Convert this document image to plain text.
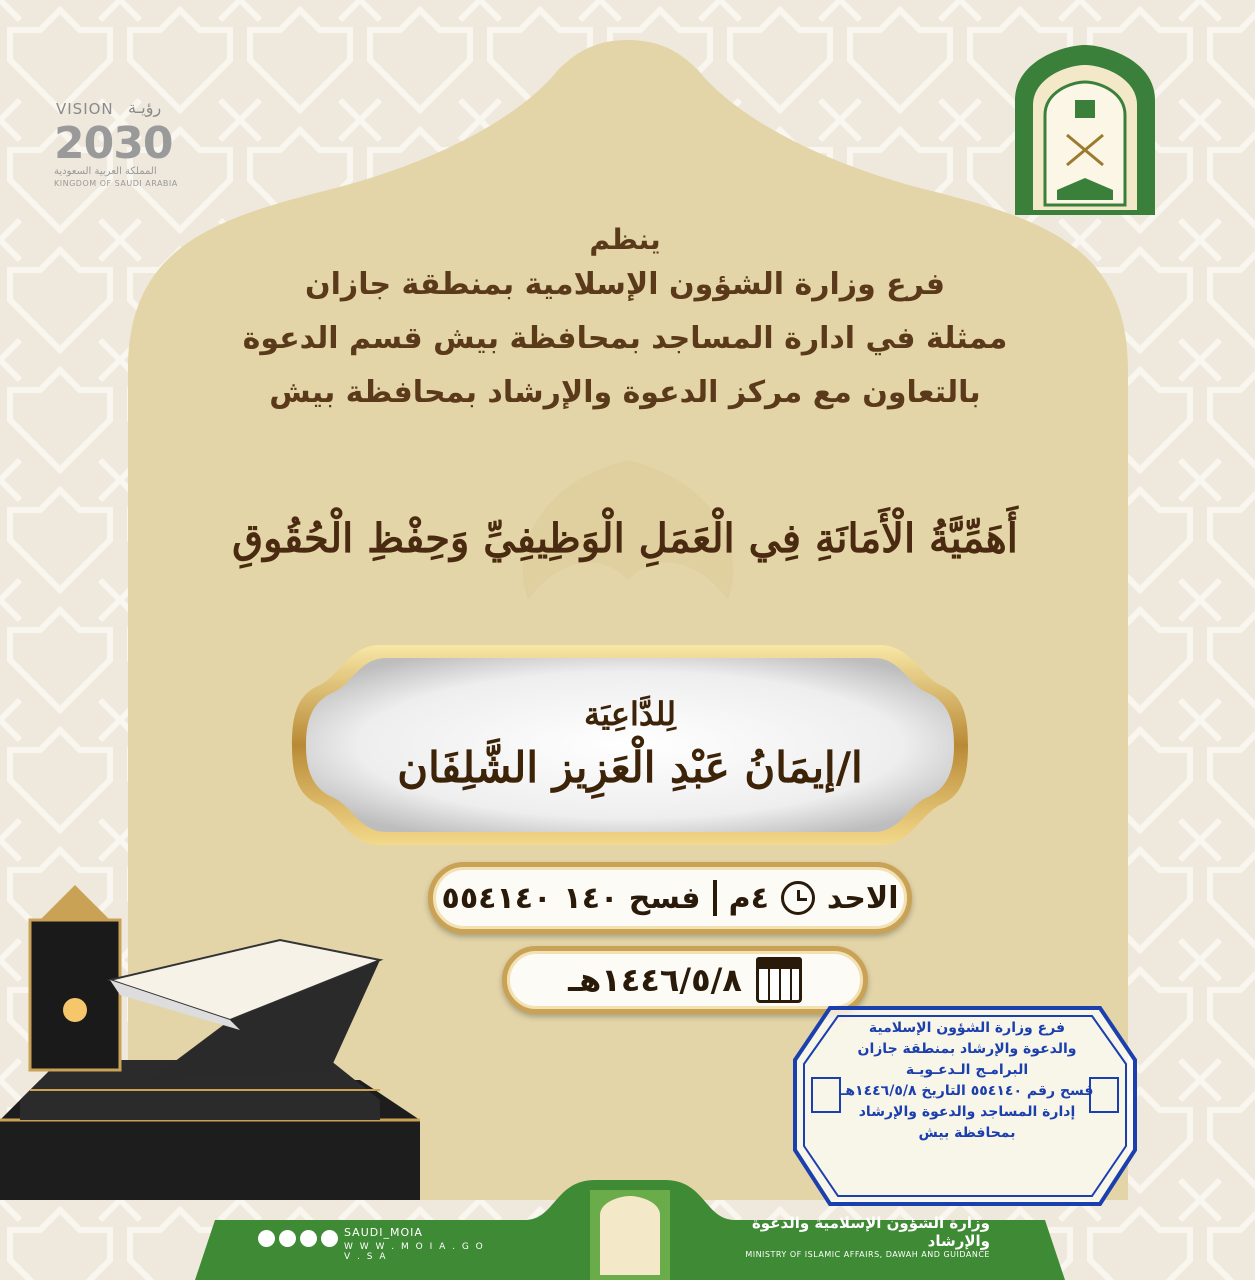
VISION رؤيـة
2030
المملكة العربية السعودية
KINGDOM OF SAUDI ARABIA
ينظم
فرع وزارة الشؤون الإسلامية بمنطقة جازان
ممثلة في ادارة المساجد بمحافظة بيش قسم الدعوة
بالتعاون مع مركز الدعوة والإرشاد بمحافظة بيش
أَهَمِّيَّةُ الْأَمَانَةِ فِي الْعَمَلِ الْوَظِيفِيِّ وَحِفْظِ الْحُقُوقِ
لِلدَّاعِيَة
ا/إيمَانُ عَبْدِ الْعَزِيز الشَّلِفَان
الاحد
٤م
فسح ١٤٠
٥٥٤١٤٠
١٤٤٦/٥/٨هـ
SAUDI_MOIA
W W W . M O I A . G O V . S A
وزارة الشؤون الإسلامية والدعوة والإرشاد
MINISTRY OF ISLAMIC AFFAIRS, DAWAH AND GUIDANCE
فرع وزارة الشؤون الإسلامية
والدعوة والإرشاد بمنطقة جازان
البرامـج الـدعـويـة
فسح رقم ٥٥٤١٤٠ التاريخ ١٤٤٦/٥/٨هـ
إدارة المساجد والدعوة والإرشاد
بمحافظة بيش
